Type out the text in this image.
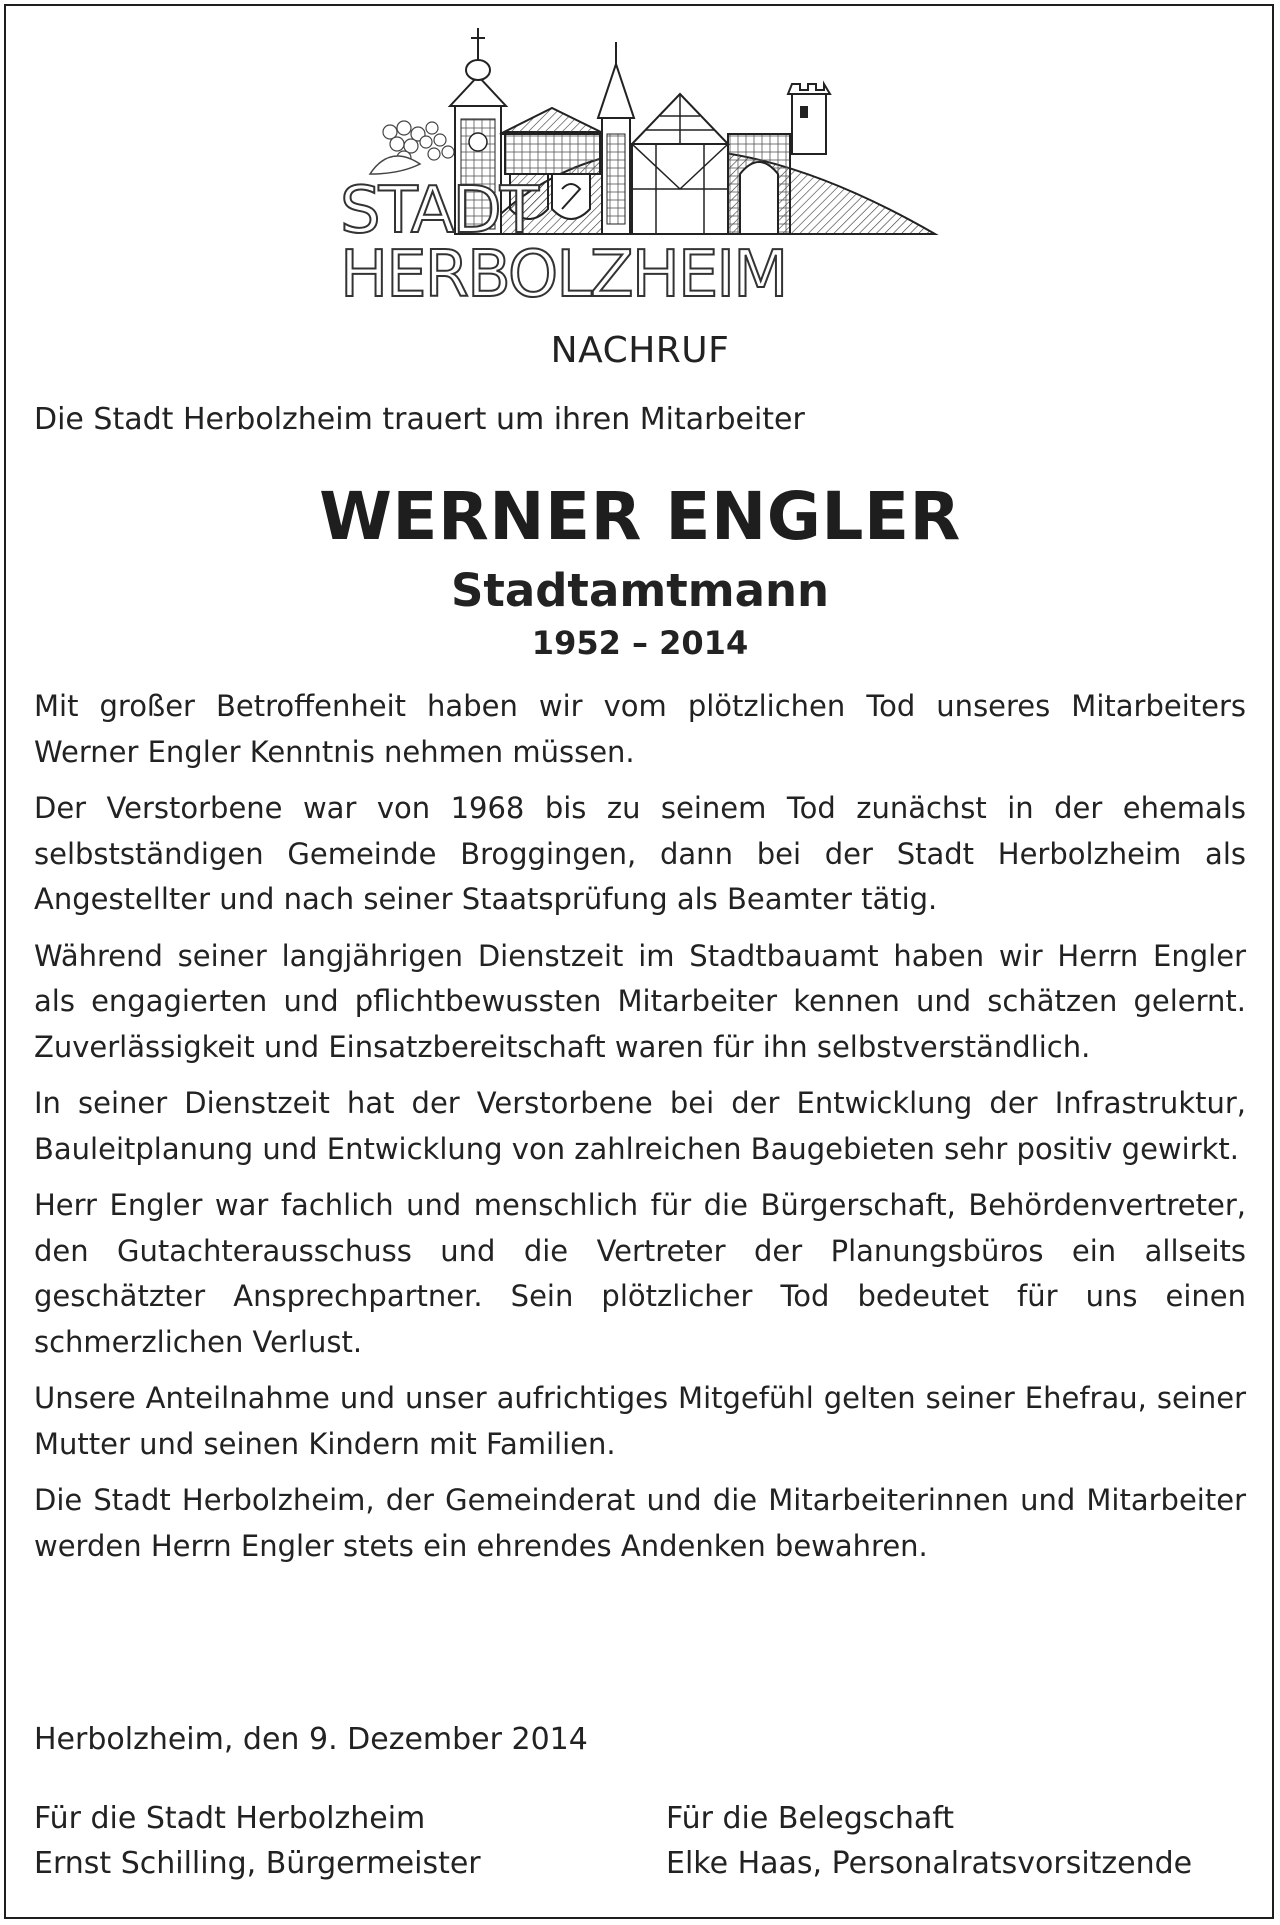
STADT
HERBOLZHEIM
NACHRUF
Die Stadt Herbolzheim trauert um ihren Mitarbeiter
WERNER ENGLER
Stadtamtmann
1952 – 2014

Mit großer Betroffenheit haben wir vom plötzlichen Tod unseres Mitarbeiters Werner Engler Kenntnis nehmen müssen.

Der Verstorbene war von 1968 bis zu seinem Tod zunächst in der ehemals selbstständigen Gemeinde Broggingen, dann bei der Stadt Herbolzheim als Angestellter und nach seiner Staatsprüfung als Beamter tätig.

Während seiner langjährigen Dienstzeit im Stadtbauamt haben wir Herrn Engler als engagierten und pflichtbewussten Mitarbeiter kennen und schätzen gelernt. Zuverlässigkeit und Einsatzbereitschaft waren für ihn selbstverständlich.

In seiner Dienstzeit hat der Verstorbene bei der Entwicklung der Infrastruktur, Bauleitplanung und Entwicklung von zahlreichen Baugebieten sehr positiv gewirkt.

Herr Engler war fachlich und menschlich für die Bürgerschaft, Behördenvertreter, den Gutachterausschuss und die Vertreter der Planungsbüros ein allseits geschätzter Ansprechpartner. Sein plötzlicher Tod bedeutet für uns einen schmerzlichen Verlust.

Unsere Anteilnahme und unser aufrichtiges Mitgefühl gelten seiner Ehefrau, seiner Mutter und seinen Kindern mit Familien.

Die Stadt Herbolzheim, der Gemeinderat und die Mitarbeiterinnen und Mitarbeiter werden Herrn Engler stets ein ehrendes Andenken bewahren.

Herbolzheim, den 9. Dezember 2014
Für die Stadt Herbolzheim
Ernst Schilling, Bürgermeister
Für die Belegschaft
Elke Haas, Personalratsvorsitzende
